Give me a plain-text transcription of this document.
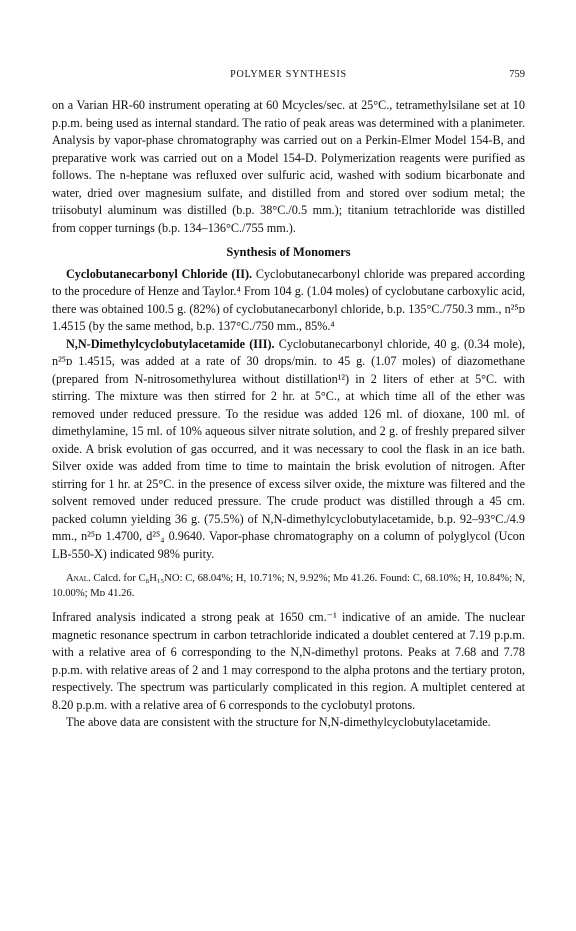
POLYMER SYNTHESIS	759

on a Varian HR-60 instrument operating at 60 Mcycles/sec. at 25°C., tetramethylsilane set at 10 p.p.m. being used as internal standard. The ratio of peak areas was determined with a planimeter. Analysis by vapor-phase chromatography was carried out on a Perkin-Elmer Model 154-B, and preparative work was carried out on a Model 154-D. Polymerization reagents were purified as follows. The n-heptane was refluxed over sulfuric acid, washed with sodium bicarbonate and water, dried over magnesium sulfate, and distilled from and stored over sodium metal; the triisobutyl aluminum was distilled (b.p. 38°C./0.5 mm.); titanium tetrachloride was distilled from copper turnings (b.p. 134–136°C./755 mm.).

Synthesis of Monomers

Cyclobutanecarbonyl Chloride (II). Cyclobutanecarbonyl chloride was prepared according to the procedure of Henze and Taylor.⁴ From 104 g. (1.04 moles) of cyclobutane carboxylic acid, there was obtained 100.5 g. (82%) of cyclobutanecarbonyl chloride, b.p. 135°C./750.3 mm., n²⁵ᴅ 1.4515 (by the same method, b.p. 137°C./750 mm., 85%.⁴

N,N-Dimethylcyclobutylacetamide (III). Cyclobutanecarbonyl chloride, 40 g. (0.34 mole), n²⁵ᴅ 1.4515, was added at a rate of 30 drops/min. to 45 g. (1.07 moles) of diazomethane (prepared from N-nitrosomethylurea without distillation¹²) in 2 liters of ether at 5°C. with stirring. The mixture was then stirred for 2 hr. at 5°C., at which time all of the ether was removed under reduced pressure. To the residue was added 126 ml. of dioxane, 100 ml. of dimethylamine, 15 ml. of 10% aqueous silver nitrate solution, and 2 g. of freshly prepared silver oxide. A brisk evolution of gas occurred, and it was necessary to cool the flask in an ice bath. Silver oxide was added from time to time to maintain the brisk evolution of nitrogen. After stirring for 1 hr. at 25°C. in the presence of excess silver oxide, the mixture was filtered and the solvent removed under reduced pressure. The crude product was distilled through a 45 cm. packed column yielding 36 g. (75.5%) of N,N-dimethylcyclobutylacetamide, b.p. 92–93°C./4.9 mm., n²⁵ᴅ 1.4700, d²⁵₄ 0.9640. Vapor-phase chromatography on a column of polyglycol (Ucon LB-550-X) indicated 98% purity.

Anal. Calcd. for C₈H₁₅NO: C, 68.04%; H, 10.71%; N, 9.92%; Mᴅ 41.26. Found: C, 68.10%; H, 10.84%; N, 10.00%; Mᴅ 41.26.

Infrared analysis indicated a strong peak at 1650 cm.⁻¹ indicative of an amide. The nuclear magnetic resonance spectrum in carbon tetrachloride indicated a doublet centered at 7.19 p.p.m. with a relative area of 6 corresponding to the N,N-dimethyl protons. Peaks at 7.68 and 7.78 p.p.m. with relative areas of 2 and 1 may correspond to the alpha protons and the tertiary proton, respectively. The spectrum was particularly complicated in this region. A multiplet centered at 8.20 p.p.m. with a relative area of 6 corresponds to the cyclobutyl protons.

The above data are consistent with the structure for N,N-dimethylcyclobutylacetamide.
